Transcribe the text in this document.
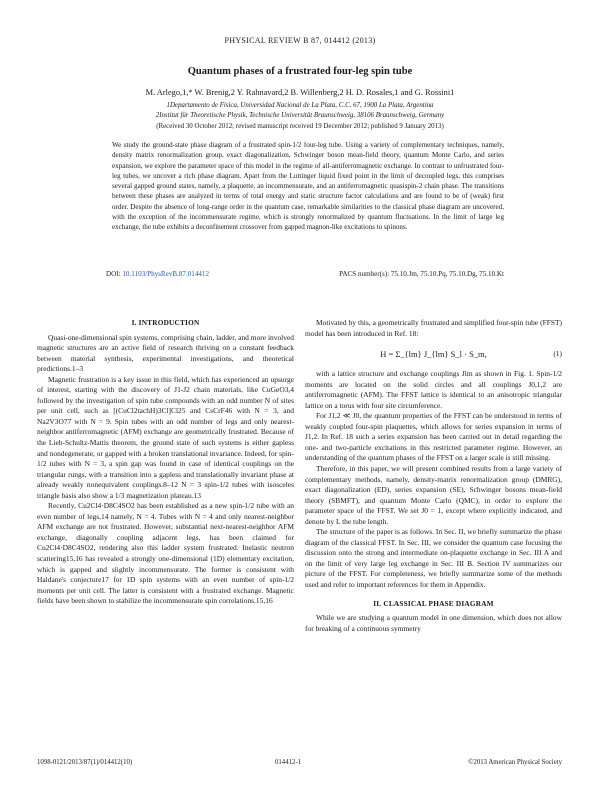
PHYSICAL REVIEW B 87, 014412 (2013)
Quantum phases of a frustrated four-leg spin tube
M. Arlego,1,* W. Brenig,2 Y. Rahnavard,2 B. Willenberg,2 H. D. Rosales,1 and G. Rossini1
1Departamento de Física, Universidad Nacional de La Plata, C.C. 67, 1900 La Plata, Argentina
2Institut für Theoretische Physik, Technische Universität Braunschweig, 38106 Braunschweig, Germany
(Received 30 October 2012; revised manuscript received 19 December 2012; published 9 January 2013)
We study the ground-state phase diagram of a frustrated spin-1/2 four-leg tube. Using a variety of complementary techniques, namely, density matrix renormalization group, exact diagonalization, Schwinger boson mean-field theory, quantum Monte Carlo, and series expansion, we explore the parameter space of this model in the regime of all-antiferromagnetic exchange. In contrast to unfrustrated four-leg tubes, we uncover a rich phase diagram. Apart from the Luttinger liquid fixed point in the limit of decoupled legs, this comprises several gapped ground states, namely, a plaquette, an incommensurate, and an antiferromagnetic quasispin-2 chain phase. The transitions between these phases are analyzed in terms of total energy and static structure factor calculations and are found to be of (weak) first order. Despite the absence of long-range order in the quantum case, remarkable similarities to the classical phase diagram are uncovered, with the exception of the incommensurate regime, which is strongly renormalized by quantum fluctuations. In the limit of large leg exchange, the tube exhibits a deconfinement crossover from gapped magnon-like excitations to spinons.
DOI: 10.1103/PhysRevB.87.014412	PACS number(s): 75.10.Jm, 75.10.Pq, 75.10.Dg, 75.10.Kt
I. INTRODUCTION

Quasi-one-dimensional spin systems, comprising chain, ladder, and more involved magnetic structures are an active field of research thriving on a constant feedback between material synthesis, experimental investigations, and theoretical predictions.1–3

Magnetic frustration is a key issue in this field, which has experienced an upsurge of interest, starting with the discovery of J1-J2 chain materials, like CuGeO3,4 followed by the investigation of spin tube compounds with an odd number N of sites per unit cell, such as [(CuCl2tachH)3Cl]Cl25 and CsCrF46 with N = 3, and Na2V3O77 with N = 9. Spin tubes with an odd number of legs and only nearest-neighbor antiferromagnetic (AFM) exchange are geometrically frustrated. Because of the Lieb-Schultz-Mattis theorem, the ground state of such systems is either gapless and nondegenerate, or gapped with a broken translational invariance. Indeed, for spin-1/2 tubes with N = 3, a spin gap was found in case of identical couplings on the triangular rungs, with a transition into a gapless and translationally invariant phase at already weakly nonequivalent couplings.8–12 N = 3 spin-1/2 tubes with isosceles triangle basis also show a 1/3 magnetization plateau.13

Recently, Cu2Cl4·D8C4SO2 has been established as a new spin-1/2 tube with an even number of legs,14 namely, N = 4. Tubes with N = 4 and only nearest-neighbor AFM exchange are not frustrated. However, substantial next-nearest-neighbor AFM exchange, diagonally coupling adjacent legs, has been claimed for Cu2Cl4·D8C4SO2, rendering also this ladder system frustrated. Inelastic neutron scattering15,16 has revealed a strongly one-dimensional (1D) elementary excitation, which is gapped and slightly incommensurate. The former is consistent with Haldane's conjecture17 for 1D spin systems with an even number of spin-1/2 moments per unit cell. The latter is consistent with a frustrated exchange. Magnetic fields have been shown to stabilize the incommensurate spin correlations.15,16

Motivated by this, a geometrically frustrated and simplified four-spin tube (FFST) model has been introduced in Ref. 18:

H = Σ_{lm} J_{lm} S_l · S_m,	(1)

with a lattice structure and exchange couplings Jlm as shown in Fig. 1. Spin-1/2 moments are located on the solid circles and all couplings J0,1,2 are antiferromagnetic (AFM). The FFST lattice is identical to an anisotropic triangular lattice on a torus with four site circumference.

For J1,2 ≪ J0, the quantum properties of the FFST can be understood in terms of weakly coupled four-spin plaquettes, which allows for series expansion in terms of J1,2. In Ref. 18 such a series expansion has been carried out in detail regarding the one- and two-particle excitations in this restricted parameter regime. However, an understanding of the quantum phases of the FFST on a larger scale is still missing.

Therefore, in this paper, we will present combined results from a large variety of complementary methods, namely, density-matrix renormalization group (DMRG), exact diagonalization (ED), series expansion (SE), Schwinger bosons mean-field theory (SBMFT), and quantum Monte Carlo (QMC), in order to explore the parameter space of the FFST. We set J0 = 1, except where explicitly indicated, and denote by L the tube length.

The structure of the paper is as follows. In Sec. II, we briefly summarize the phase diagram of the classical FFST. In Sec. III, we consider the quantum case focusing the discussion onto the strong and intermediate on-plaquette exchange in Sec. III A and on the limit of very large leg exchange in Sec. III B. Section IV summarizes our picture of the FFST. For completeness, we briefly summarize some of the methods used and refer to important references for them in Appendix.

II. CLASSICAL PHASE DIAGRAM

While we are studying a quantum model in one dimension, which does not allow for breaking of a continuous symmetry

1098-0121/2013/87(1)/014412(10)	014412-1	©2013 American Physical Society
